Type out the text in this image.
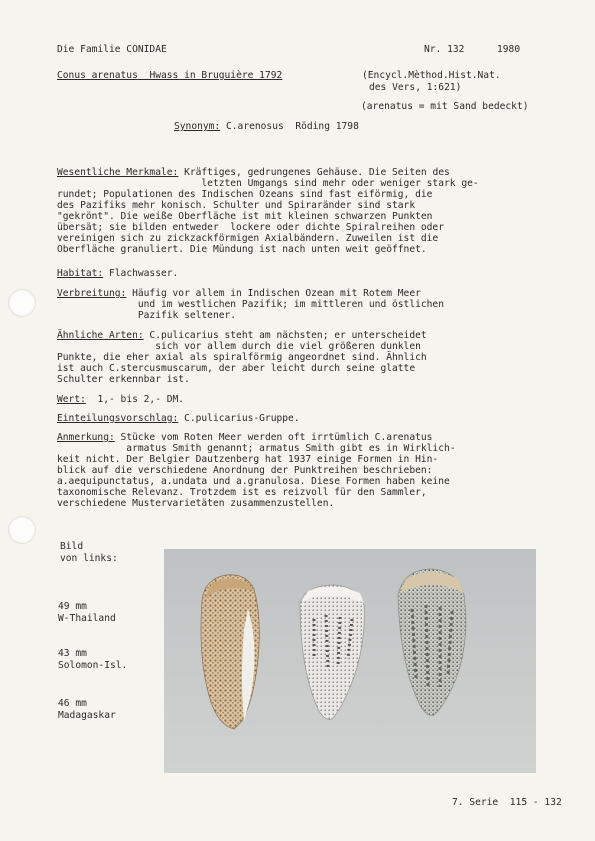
Die Familie CONIDAE	Nr. 132	1980
Conus arenatus Hwass in Bruguière 1792	(Encycl.Mèthod.Hist.Nat.
des Vers, 1:621)
(arenatus = mit Sand bedeckt)
Synonym: C.arenosus Röding 1798
Wesentliche Merkmale: Kräftiges, gedrungenes Gehäuse. Die Seiten des
letzten Umgangs sind mehr oder weniger stark ge-
rundet; Populationen des Indischen Ozeans sind fast eiförmig, die
des Pazifiks mehr konisch. Schulter und Spiraränder sind stark
"gekrönt". Die weiße Oberfläche ist mit kleinen schwarzen Punkten
übersät; sie bilden entweder  lockere oder dichte Spiralreihen oder
vereinigen sich zu zickzackförmigen Axialbändern. Zuweilen ist die
Oberfläche granuliert. Die Mündung ist nach unten weit geöffnet.
Habitat: Flachwasser.
Verbreitung: Häufig vor allem in Indischen Ozean mit Rotem Meer
und im westlichen Pazifik; im mittleren und östlichen
Pazifik seltener.
Ähnliche Arten: C.pulicarius steht am nächsten; er unterscheidet
sich vor allem durch die viel größeren dunklen
Punkte, die eher axial als spiralförmig angeordnet sind. Ähnlich
ist auch C.stercusmuscarum, der aber leicht durch seine glatte
Schulter erkennbar ist.
Wert:  1,- bis 2,- DM.
Einteilungsvorschlag: C.pulicarius-Gruppe.
Anmerkung: Stücke vom Roten Meer werden oft irrtümlich C.arenatus
armatus Smith genannt; armatus Smith gibt es in Wirklich-
keit nicht. Der Belgier Dautzenberg hat 1937 einige Formen in Hin-
blick auf die verschiedene Anordnung der Punktreihen beschrieben:
a.aequipunctatus, a.undata und a.granulosa. Diese Formen haben keine
taxonomische Relevanz. Trotzdem ist es reizvoll für den Sammler,
verschiedene Mustervarietäten zusammenzustellen.
Bild
von links:
49 mm
W-Thailand
43 mm
Solomon-Isl.
46 mm
Madagaskar
7. Serie 115 - 132
